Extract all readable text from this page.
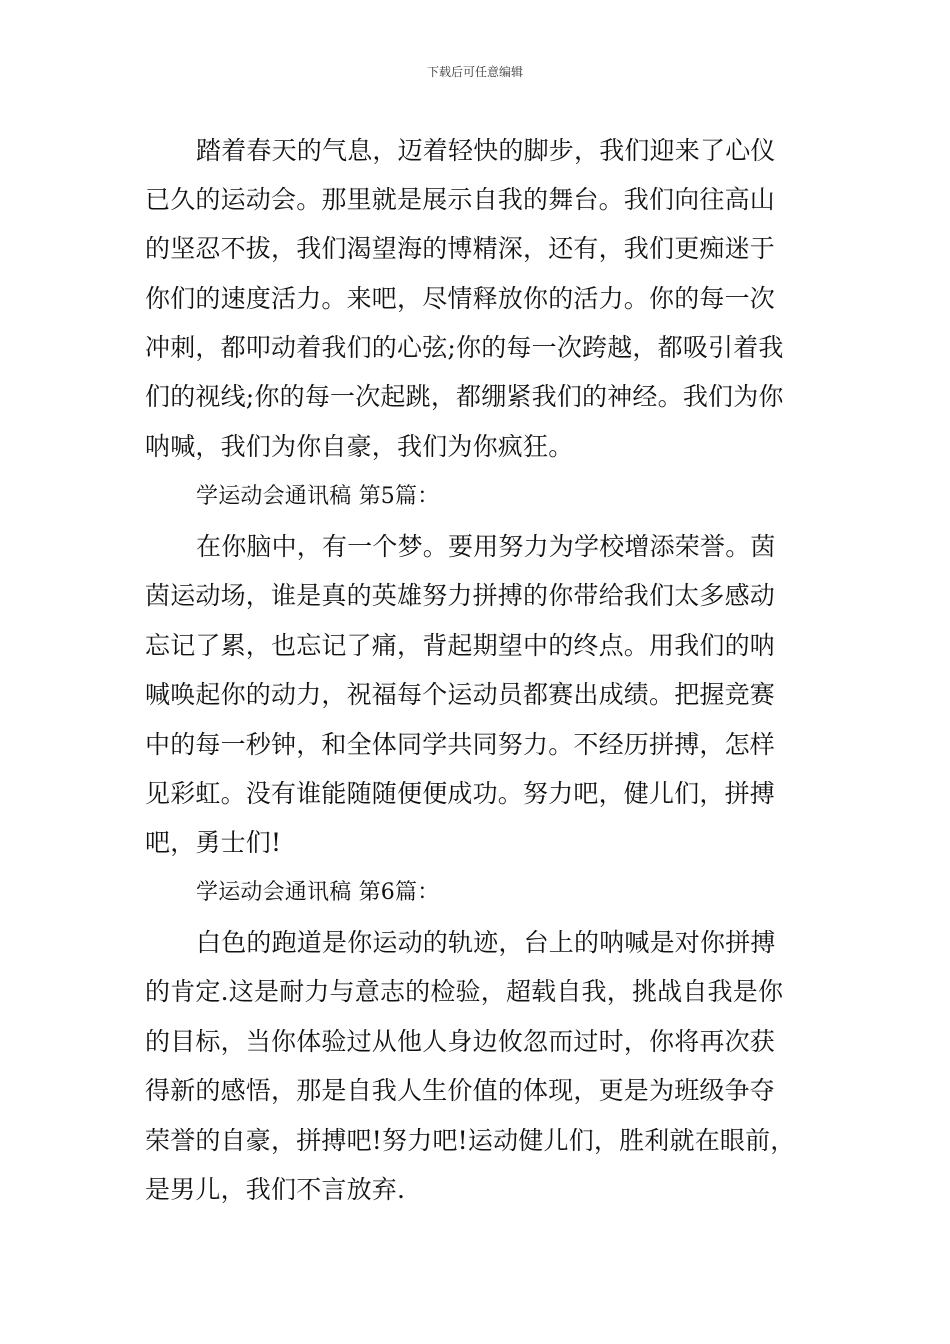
下载后可任意编辑
踏着春天的气息，迈着轻快的脚步，我们迎来了心仪
已久的运动会。那里就是展示自我的舞台。我们向往高山
的坚忍不拔，我们渴望海的博精深，还有，我们更痴迷于
你们的速度活力。来吧，尽情释放你的活力。你的每一次
冲刺，都叩动着我们的心弦;你的每一次跨越，都吸引着我
们的视线;你的每一次起跳，都绷紧我们的神经。我们为你
呐喊，我们为你自豪，我们为你疯狂。
学运动会通讯稿 第5篇：
在你脑中，有一个梦。要用努力为学校增添荣誉。茵
茵运动场，谁是真的英雄努力拼搏的你带给我们太多感动
忘记了累，也忘记了痛，背起期望中的终点。用我们的呐
喊唤起你的动力，祝福每个运动员都赛出成绩。把握竞赛
中的每一秒钟，和全体同学共同努力。不经历拼搏，怎样
见彩虹。没有谁能随随便便成功。努力吧，健儿们，拼搏
吧，勇士们!
学运动会通讯稿 第6篇：
白色的跑道是你运动的轨迹，台上的呐喊是对你拼搏
的肯定.这是耐力与意志的检验，超载自我，挑战自我是你
的目标，当你体验过从他人身边攸忽而过时，你将再次获
得新的感悟，那是自我人生价值的体现，更是为班级争夺
荣誉的自豪，拼搏吧!努力吧!运动健儿们，胜利就在眼前，
是男儿，我们不言放弃.
